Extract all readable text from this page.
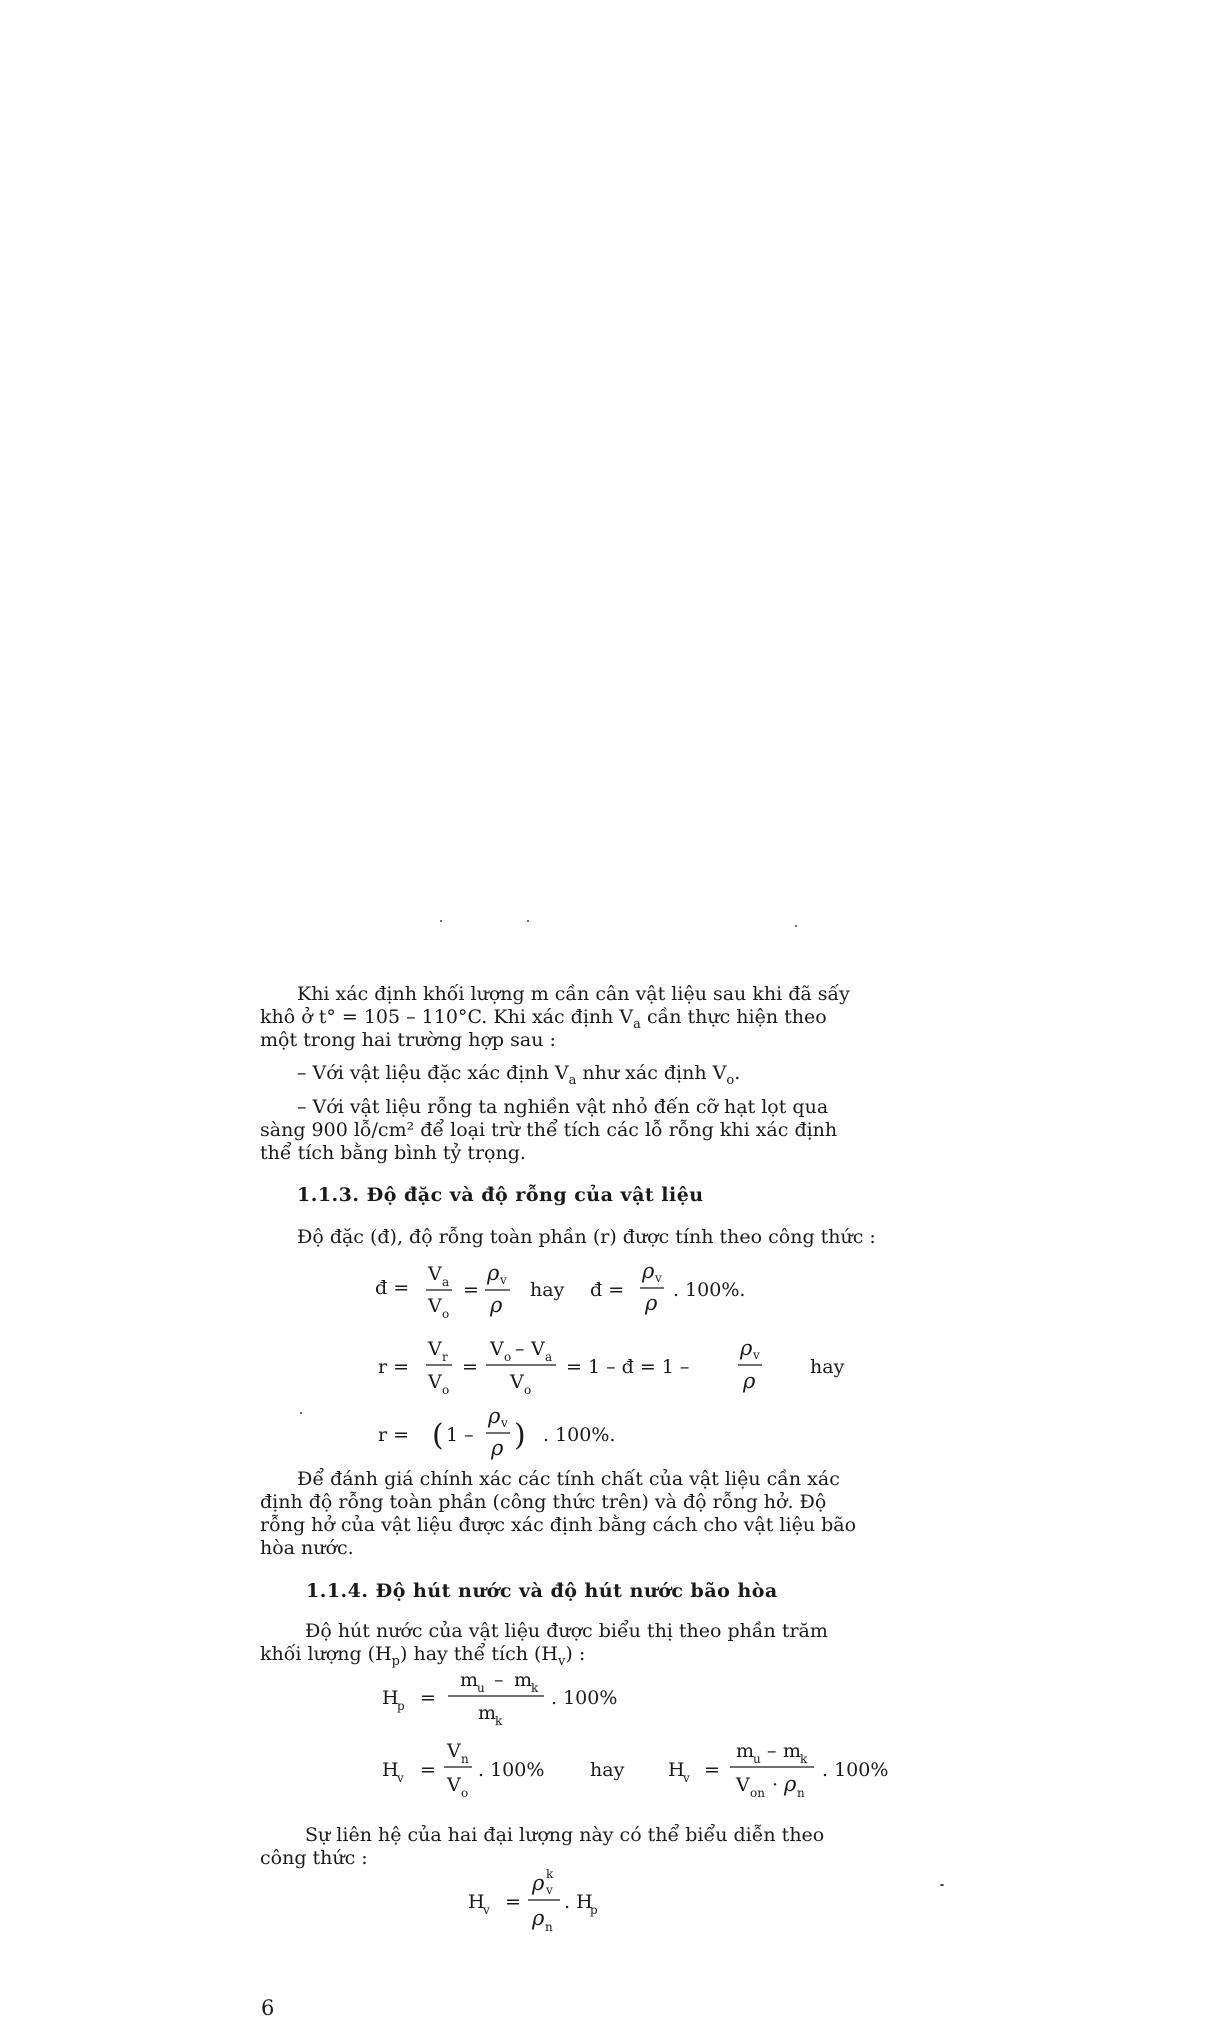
Khi xác định khối lượng m cần cân vật liệu sau khi đã sấy

khô ở t° = 105 – 110°C. Khi xác định $V_a$ cần thực hiện theo

một trong hai trường hợp sau :

– Với vật liệu đặc xác định $V_a$ như xác định $V_o$.

– Với vật liệu rỗng ta nghiền vật nhỏ đến cỡ hạt lọt qua

sàng 900 lỗ/cm² để loại trừ thể tích các lỗ rỗng khi xác định

thể tích bằng bình tỷ trọng.

1.1.3. Độ đặc và độ rỗng của vật liệu

Độ đặc (đ), độ rỗng toàn phần (r) được tính theo công thức :

đ =
V a
V o
=
ρ v
ρ
hay đ =
ρ v
ρ
. 100%.
r =
V r
V o
=
V o – V a
V o
= 1 – đ = 1 –
ρ v
ρ
hay
r = ( 1 –
ρ v
ρ ) . 100%.
H
p =
m
u – m
k
m
k
. 100%
H
v =
V n
V o
. 100% hay H
v =
m
u – m
k
V on · ρ n
. 100%
H
v =
ρ k
v
ρ n
. H
p

Để đánh giá chính xác các tính chất của vật liệu cần xác

định độ rỗng toàn phần (công thức trên) và độ rỗng hở. Độ

rỗng hở của vật liệu được xác định bằng cách cho vật liệu bão

hòa nước.

1.1.4. Độ hút nước và độ hút nước bão hòa

Độ hút nước của vật liệu được biểu thị theo phần trăm

khối lượng $(H_p)$ hay thể tích $(H_v)$ :

Sự liên hệ của hai đại lượng này có thể biểu diễn theo

công thức :

6
